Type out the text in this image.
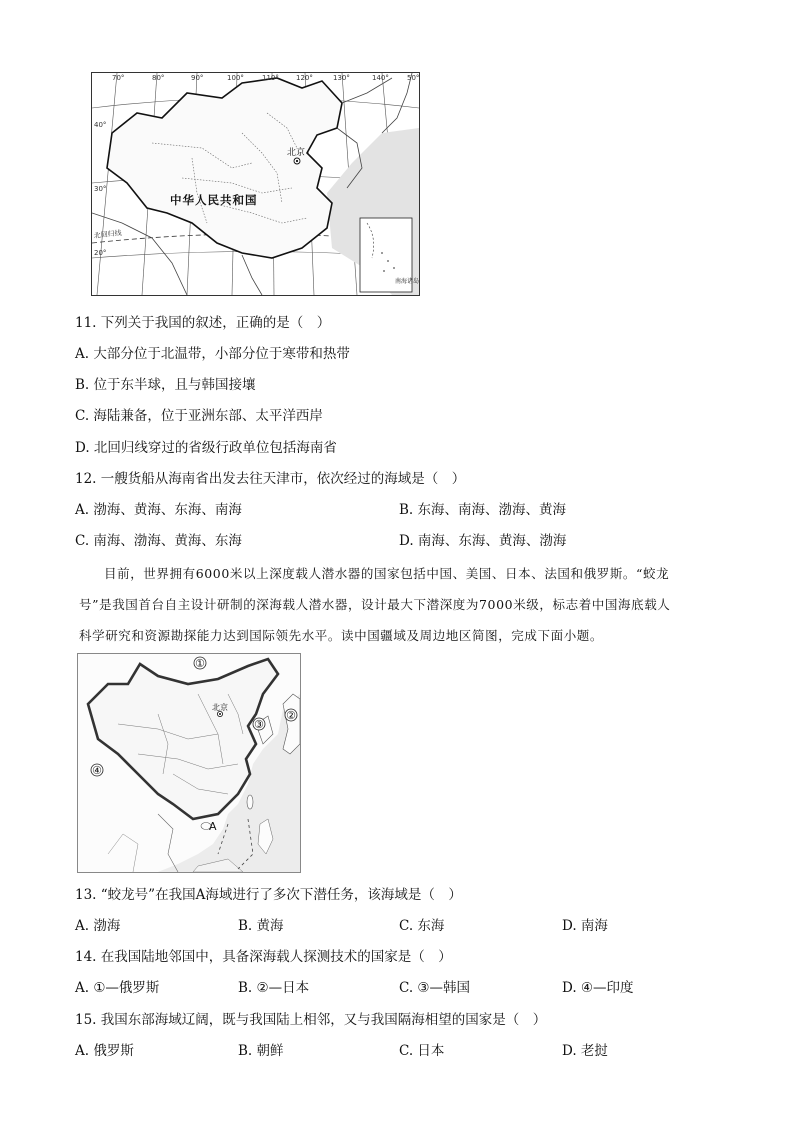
70°	80°	90°	100°	110° 120°	130°	140°	50°
40°
30°
20°
北京
中华人民共和国
北回归线
南海诸岛
11. 下列关于我国的叙述，正确的是（　）
A. 大部分位于北温带，小部分位于寒带和热带
B. 位于东半球，且与韩国接壤
C. 海陆兼备，位于亚洲东部、太平洋西岸
D. 北回归线穿过的省级行政单位包括海南省
12. 一艘货船从海南省出发去往天津市，依次经过的海域是（　）
A. 渤海、黄海、东海、南海	B. 东海、南海、渤海、黄海
C. 南海、渤海、黄海、东海	D. 南海、东海、黄海、渤海
目前，世界拥有6000米以上深度载人潜水器的国家包括中国、美国、日本、法国和俄罗斯。“蛟龙
号”是我国首台自主设计研制的深海载人潜水器，设计最大下潜深度为7000米级，标志着中国海底载人
科学研究和资源勘探能力达到国际领先水平。读中国疆域及周边地区简图，完成下面小题。
①
②
③
④
北京
A
13. “蛟龙号”在我国A海域进行了多次下潜任务，该海域是（　）
A. 渤海	B. 黄海	C. 东海	D. 南海
14. 在我国陆地邻国中，具备深海载人探测技术的国家是（　）
A. ①—俄罗斯	B. ②—日本	C. ③—韩国	D. ④—印度
15. 我国东部海域辽阔，既与我国陆上相邻，又与我国隔海相望的国家是（　）
A. 俄罗斯	B. 朝鲜	C. 日本	D. 老挝
